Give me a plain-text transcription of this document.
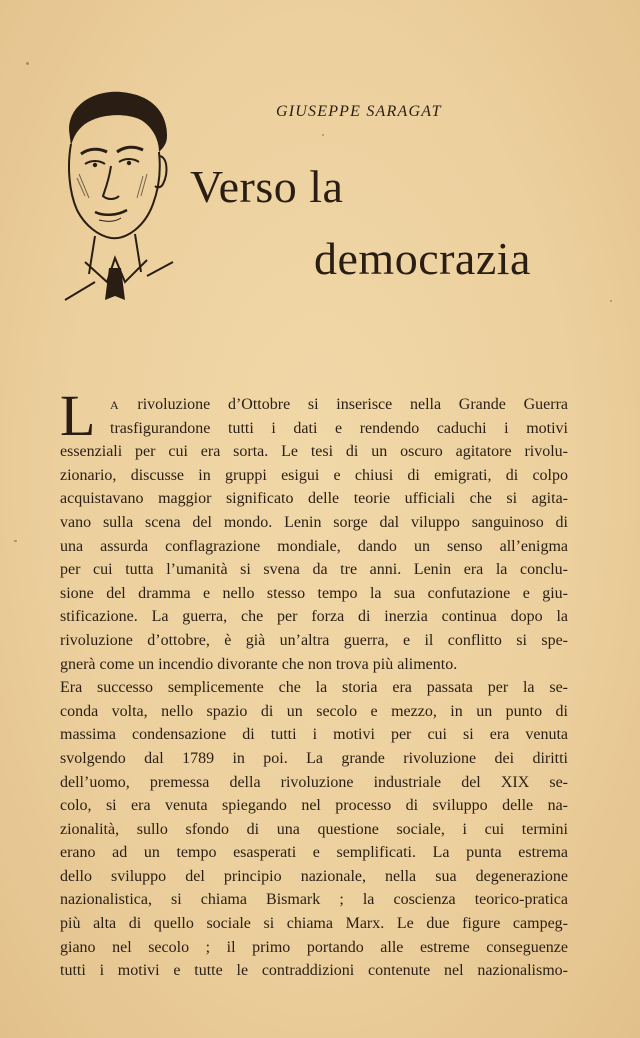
GIUSEPPE SARAGAT
Verso la
democrazia
L	A rivoluzione d’Ottobre si inserisce nella Grande Guerra
trasfigurandone tutti i dati e rendendo caduchi i motivi
essenziali per cui era sorta. Le tesi di un oscuro agitatore rivolu-
zionario, discusse in gruppi esigui e chiusi di emigrati, di colpo
acquistavano maggior significato delle teorie ufficiali che si agita-
vano sulla scena del mondo. Lenin sorge dal viluppo sanguinoso di
una assurda conflagrazione mondiale, dando un senso all’enigma
per cui tutta l’umanità si svena da tre anni. Lenin era la conclu-
sione del dramma e nello stesso tempo la sua confutazione e giu-
stificazione. La guerra, che per forza di inerzia continua dopo la
rivoluzione d’ottobre, è già un’altra guerra, e il conflitto si spe-
gnerà come un incendio divorante che non trova più alimento.
Era successo semplicemente che la storia era passata per la se-
conda volta, nello spazio di un secolo e mezzo, in un punto di
massima condensazione di tutti i motivi per cui si era venuta
svolgendo dal 1789 in poi. La grande rivoluzione dei diritti
dell’uomo, premessa della rivoluzione industriale del XIX se-
colo, si era venuta spiegando nel processo di sviluppo delle na-
zionalità, sullo sfondo di una questione sociale, i cui termini
erano ad un tempo esasperati e semplificati. La punta estrema
dello sviluppo del principio nazionale, nella sua degenerazione
nazionalistica, si chiama Bismark ; la coscienza teorico-pratica
più alta di quello sociale si chiama Marx. Le due figure campeg-
giano nel secolo ; il primo portando alle estreme conseguenze
tutti i motivi e tutte le contraddizioni contenute nel nazionalismo-
